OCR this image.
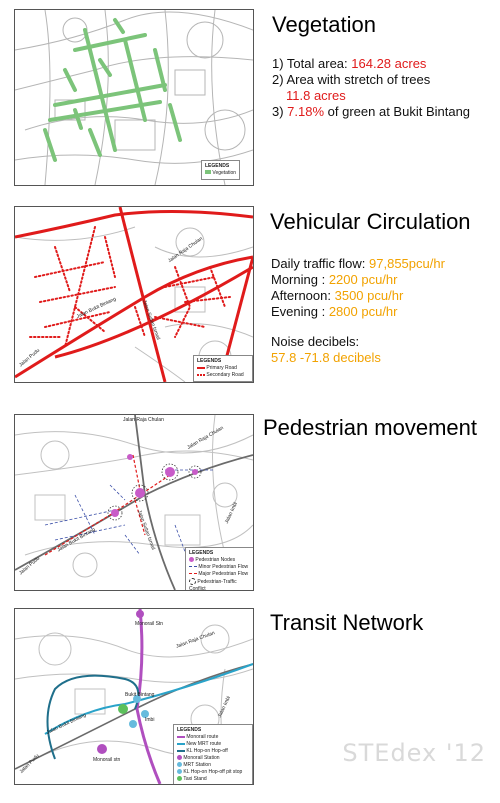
LEGENDS
Vegetation
Vegetation
1) Total area: 164.28 acres
2) Area with stretch of trees
11.8 acres
3) 7.18% of green at Bukit Bintang
Jalan Raja Chulan
Jalan Bukit Bintang	Jalan Sultan Ismail
Jalan Pudu	LEGENDS
Primary Road
Secondary Road
Vehicular Circulation
Daily traffic flow: 97,855pcu/hr
Morning : 2200 pcu/hr
Afternoon: 3500 pcu/hr
Evening : 2800 pcu/hr
Noise decibels:
57.8 -71.8 decibels
Jalan Raja Chulan
Jalan Raja Chulan
Jalan Bukit Bintang	Jalan Sultan Ismail	Jalan Imbi
Jalan Pudu
LEGENDS
Pedestrian Nodes
Minor Pedestrian Flow
Major Pedestrian Flow
Pedestrian-Traffic Conflict
Pedestrian movement
Monorail Stn
Bukit Bintang
Imbi
Monorail stn
Jalan Raja Chulan
Jalan Bukit Bintang
Jalan Imbi
Jalan Pudu
LEGENDS
Monorail route
New MRT route
KL Hop-on Hop-off
Monorail Station
MRT Station
KL Hop-on Hop-off pit stop
Taxi Stand
Transit Network
STEdex '12
